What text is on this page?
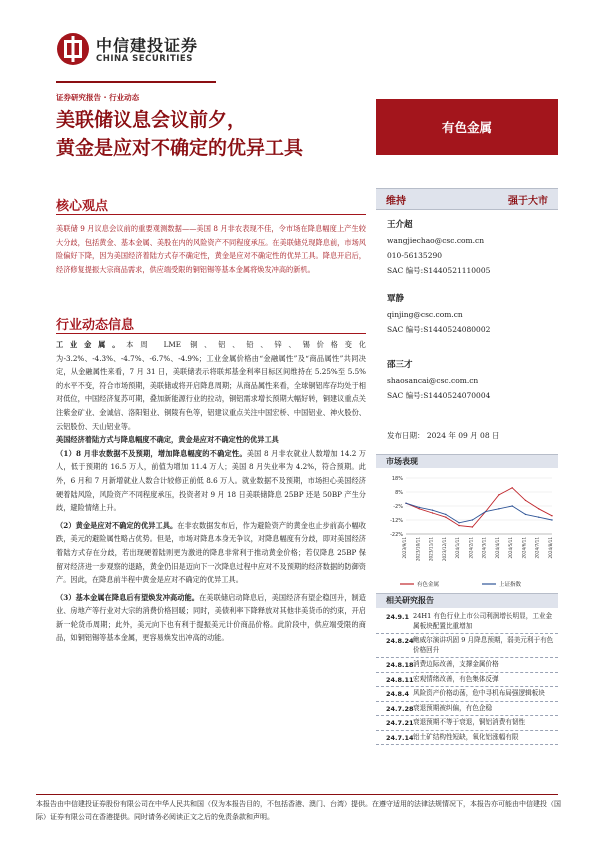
中信建投证券
CHINA SECURITIES
证券研究报告 · 行业动态
美联储议息会议前夕，
黄金是应对不确定的优异工具
有色金属
核心观点
美联储 9 月议息会议前的重要观测数据——美国 8 月非农表现不佳，令市场在降息幅度上产生较大分歧，包括黄金、基本金属、美股在内的风险资产不同程度承压。在美联储兑现降息前，市场风险偏好下降，因为美国经济着陆方式存不确定性，黄金是应对不确定性的优异工具。降息开启后，经济修复提振大宗商品需求，供应端受限的铜铝锡等基本金属将焕发冲高的新机。
行业动态信息

工业金属。本周 LME 铜、铝、铅、锌、锡价格变化为-3.2%、-4.3%、-4.7%、-6.7%、-4.9%；工业金属价格由“金融属性”及“商品属性”共同决定，从金融属性来看，7 月 31 日，美联储表示将联邦基金利率目标区间维持在 5.25%至 5.5%的水平不变，符合市场预期，美联储或将开启降息周期；从商品属性来看，全球铜铝库存均处于相对低位，中国经济复苏可期，叠加新能源行业的拉动，铜铝需求增长预期大幅好转，铜建议重点关注紫金矿业、金诚信、洛阳钼业、铜陵有色等，铝建议重点关注中国宏桥、中国铝业、神火股份、云铝股份、天山铝业等。

美国经济着陆方式与降息幅度不确定，黄金是应对不确定性的优异工具

（1）8 月非农数据不及预期，增加降息幅度的不确定性。美国 8 月非农就业人数增加 14.2 万人，低于预期的 16.5 万人，前值为增加 11.4 万人；美国 8 月失业率为 4.2%，符合预期。此外，6 月和 7 月新增就业人数合计较修正前低 8.6 万人。就业数据不及预期，市场担心美国经济硬着陆风险，风险资产不同程度承压，投资者对 9 月 18 日美联储降息 25BP 还是 50BP 产生分歧，避险情绪上升。

（2）黄金是应对不确定的优异工具。在非农数据发布后，作为避险资产的黄金也止步前高小幅收跌，美元的避险属性略占优势。但是，市场对降息本身无争议，对降息幅度有分歧，即对美国经济着陆方式存在分歧，若出现硬着陆则更为激进的降息非常利于推动黄金价格；若仅降息 25BP 保留对经济进一步观察的退路，黄金仍旧是迈向下一次降息过程中应对不及预期的经济数据的防御资产。因此，在降息前半程中黄金是应对不确定的优异工具。

（3）基本金属在降息后有望焕发冲高动能。在美联储启动降息后，美国经济有望企稳回升，制造业、房地产等行业对大宗的消费价格回暖；同时，美债利率下降释放对其他非美货币的约束，开启新一轮货币周期；此外，美元向下也有利于提振美元计价商品价格。此阶段中，供应端受限的商品，如铜铝锡等基本金属，更容易焕发出冲高的动能。

维持	强于大市
王介超
wangjiechao@csc.com.cn
010-56135290
SAC 编号:S1440521110005
覃静
qinjing@csc.com.cn
SAC 编号:S1440524080002
邵三才
shaosancai@csc.com.cn
SAC 编号:S1440524070004
发布日期： 2024 年 09 月 08 日
市场表现
18%
8%
-2%
-12%
-22%
2023/9/11 2023/10/11 2023/11/11 2023/12/11 2024/1/11 2024/2/11 2024/3/11 2024/4/11 2024/5/11 2024/6/11 2024/7/11 2024/8/11
有色金属	上证指数
相关研究报告
24.9.1 24H1 有色行业上市公司利润增长明显，工业金属板块配置比重增加
24.8.24 鲍威尔演讲巩固 9 月降息预期，弱美元利于有色价格回升
24.8.18 消费边际改善，支撑金属价格
24.8.11 宏观情绪改善，有色集体反弹
24.8.4 风险资产价格动荡，危中寻机布局强逻辑板块
24.7.28 衰退预期被纠偏，有色企稳
24.7.21 衰退预期不等于衰退，铜铝消费有韧性
24.7.14 铝土矿结构性短缺，氧化铝涨幅有限
本报告由中信建投证券股份有限公司在中华人民共和国（仅为本报告目的，不包括香港、澳门、台湾）提供。在遵守适用的法律法规情况下，本报告亦可能由中信建投（国际）证券有限公司在香港提供。同时请务必阅读正文之后的免责条款和声明。
